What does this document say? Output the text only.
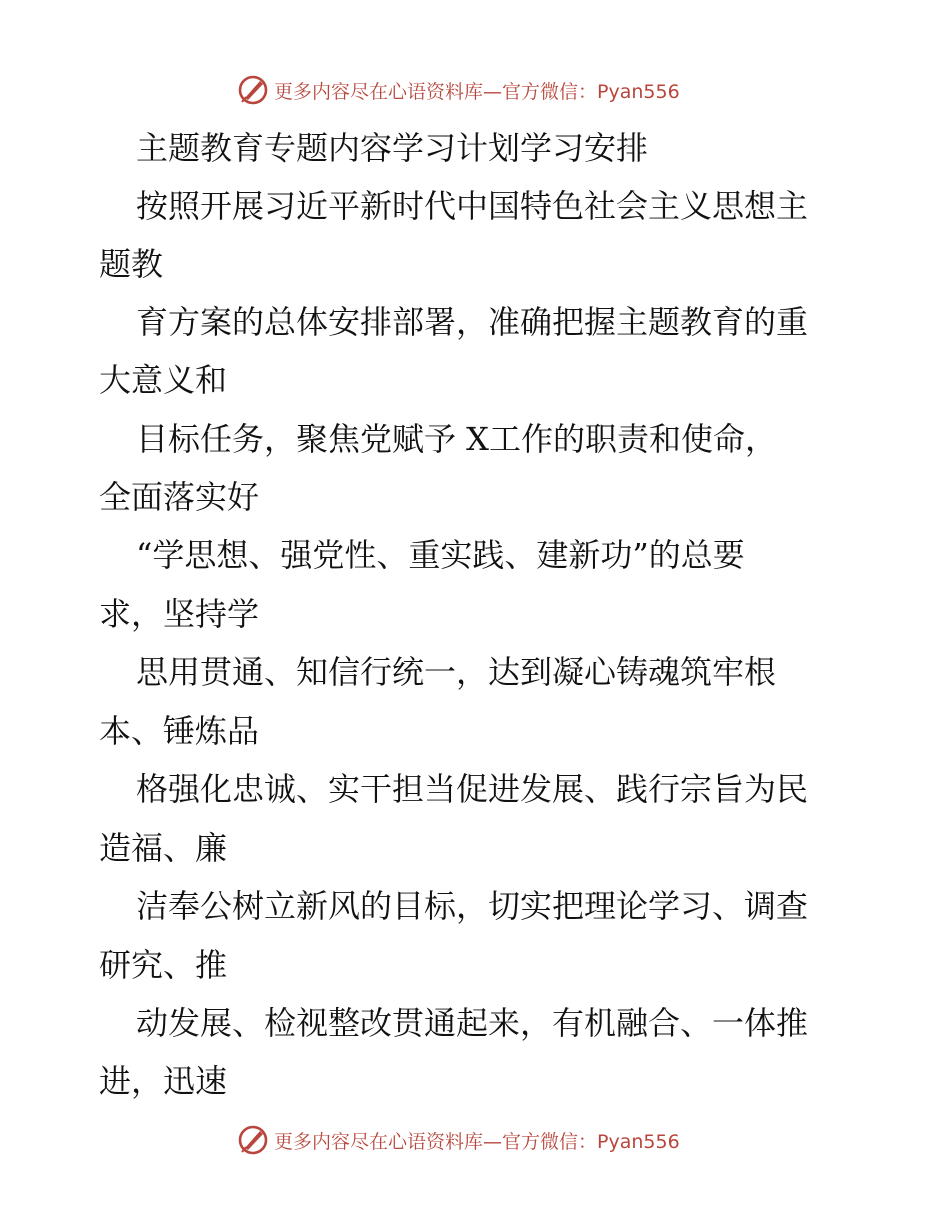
更多内容尽在心语资料库—官方微信：Pyan556
主题教育专题内容学习计划学习安排
按照开展习近平新时代中国特色社会主义思想主
题教
育方案的总体安排部署，准确把握主题教育的重
大意义和
目标任务，聚焦党赋予 X工作的职责和使命，
全面落实好
“学思想、强党性、重实践、建新功”的总要
求，坚持学
思用贯通、知信行统一，达到凝心铸魂筑牢根
本、锤炼品
格强化忠诚、实干担当促进发展、践行宗旨为民
造福、廉
洁奉公树立新风的目标，切实把理论学习、调查
研究、推
动发展、检视整改贯通起来，有机融合、一体推
进，迅速
更多内容尽在心语资料库—官方微信：Pyan556
